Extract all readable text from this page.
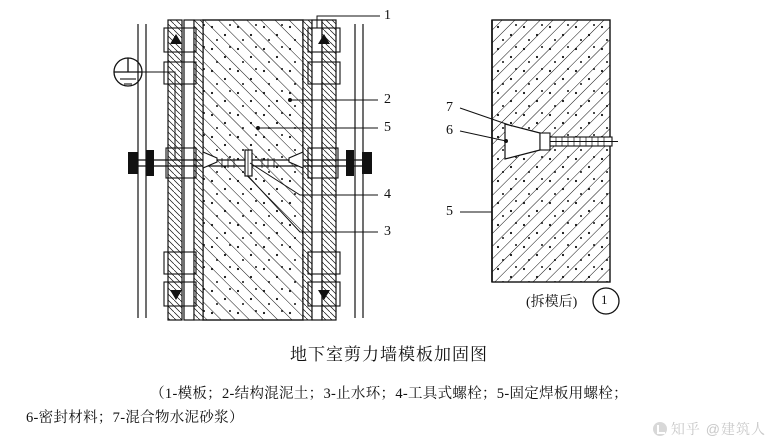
1
2
5
4
3
7
6
5
(拆模后) 1
地下室剪力墙模板加固图
（1-模板；2-结构混泥土；3-止水环；4-工具式螺栓；5-固定焊板用螺栓；
6-密封材料；7-混合物水泥砂浆）
知乎 @建筑人
